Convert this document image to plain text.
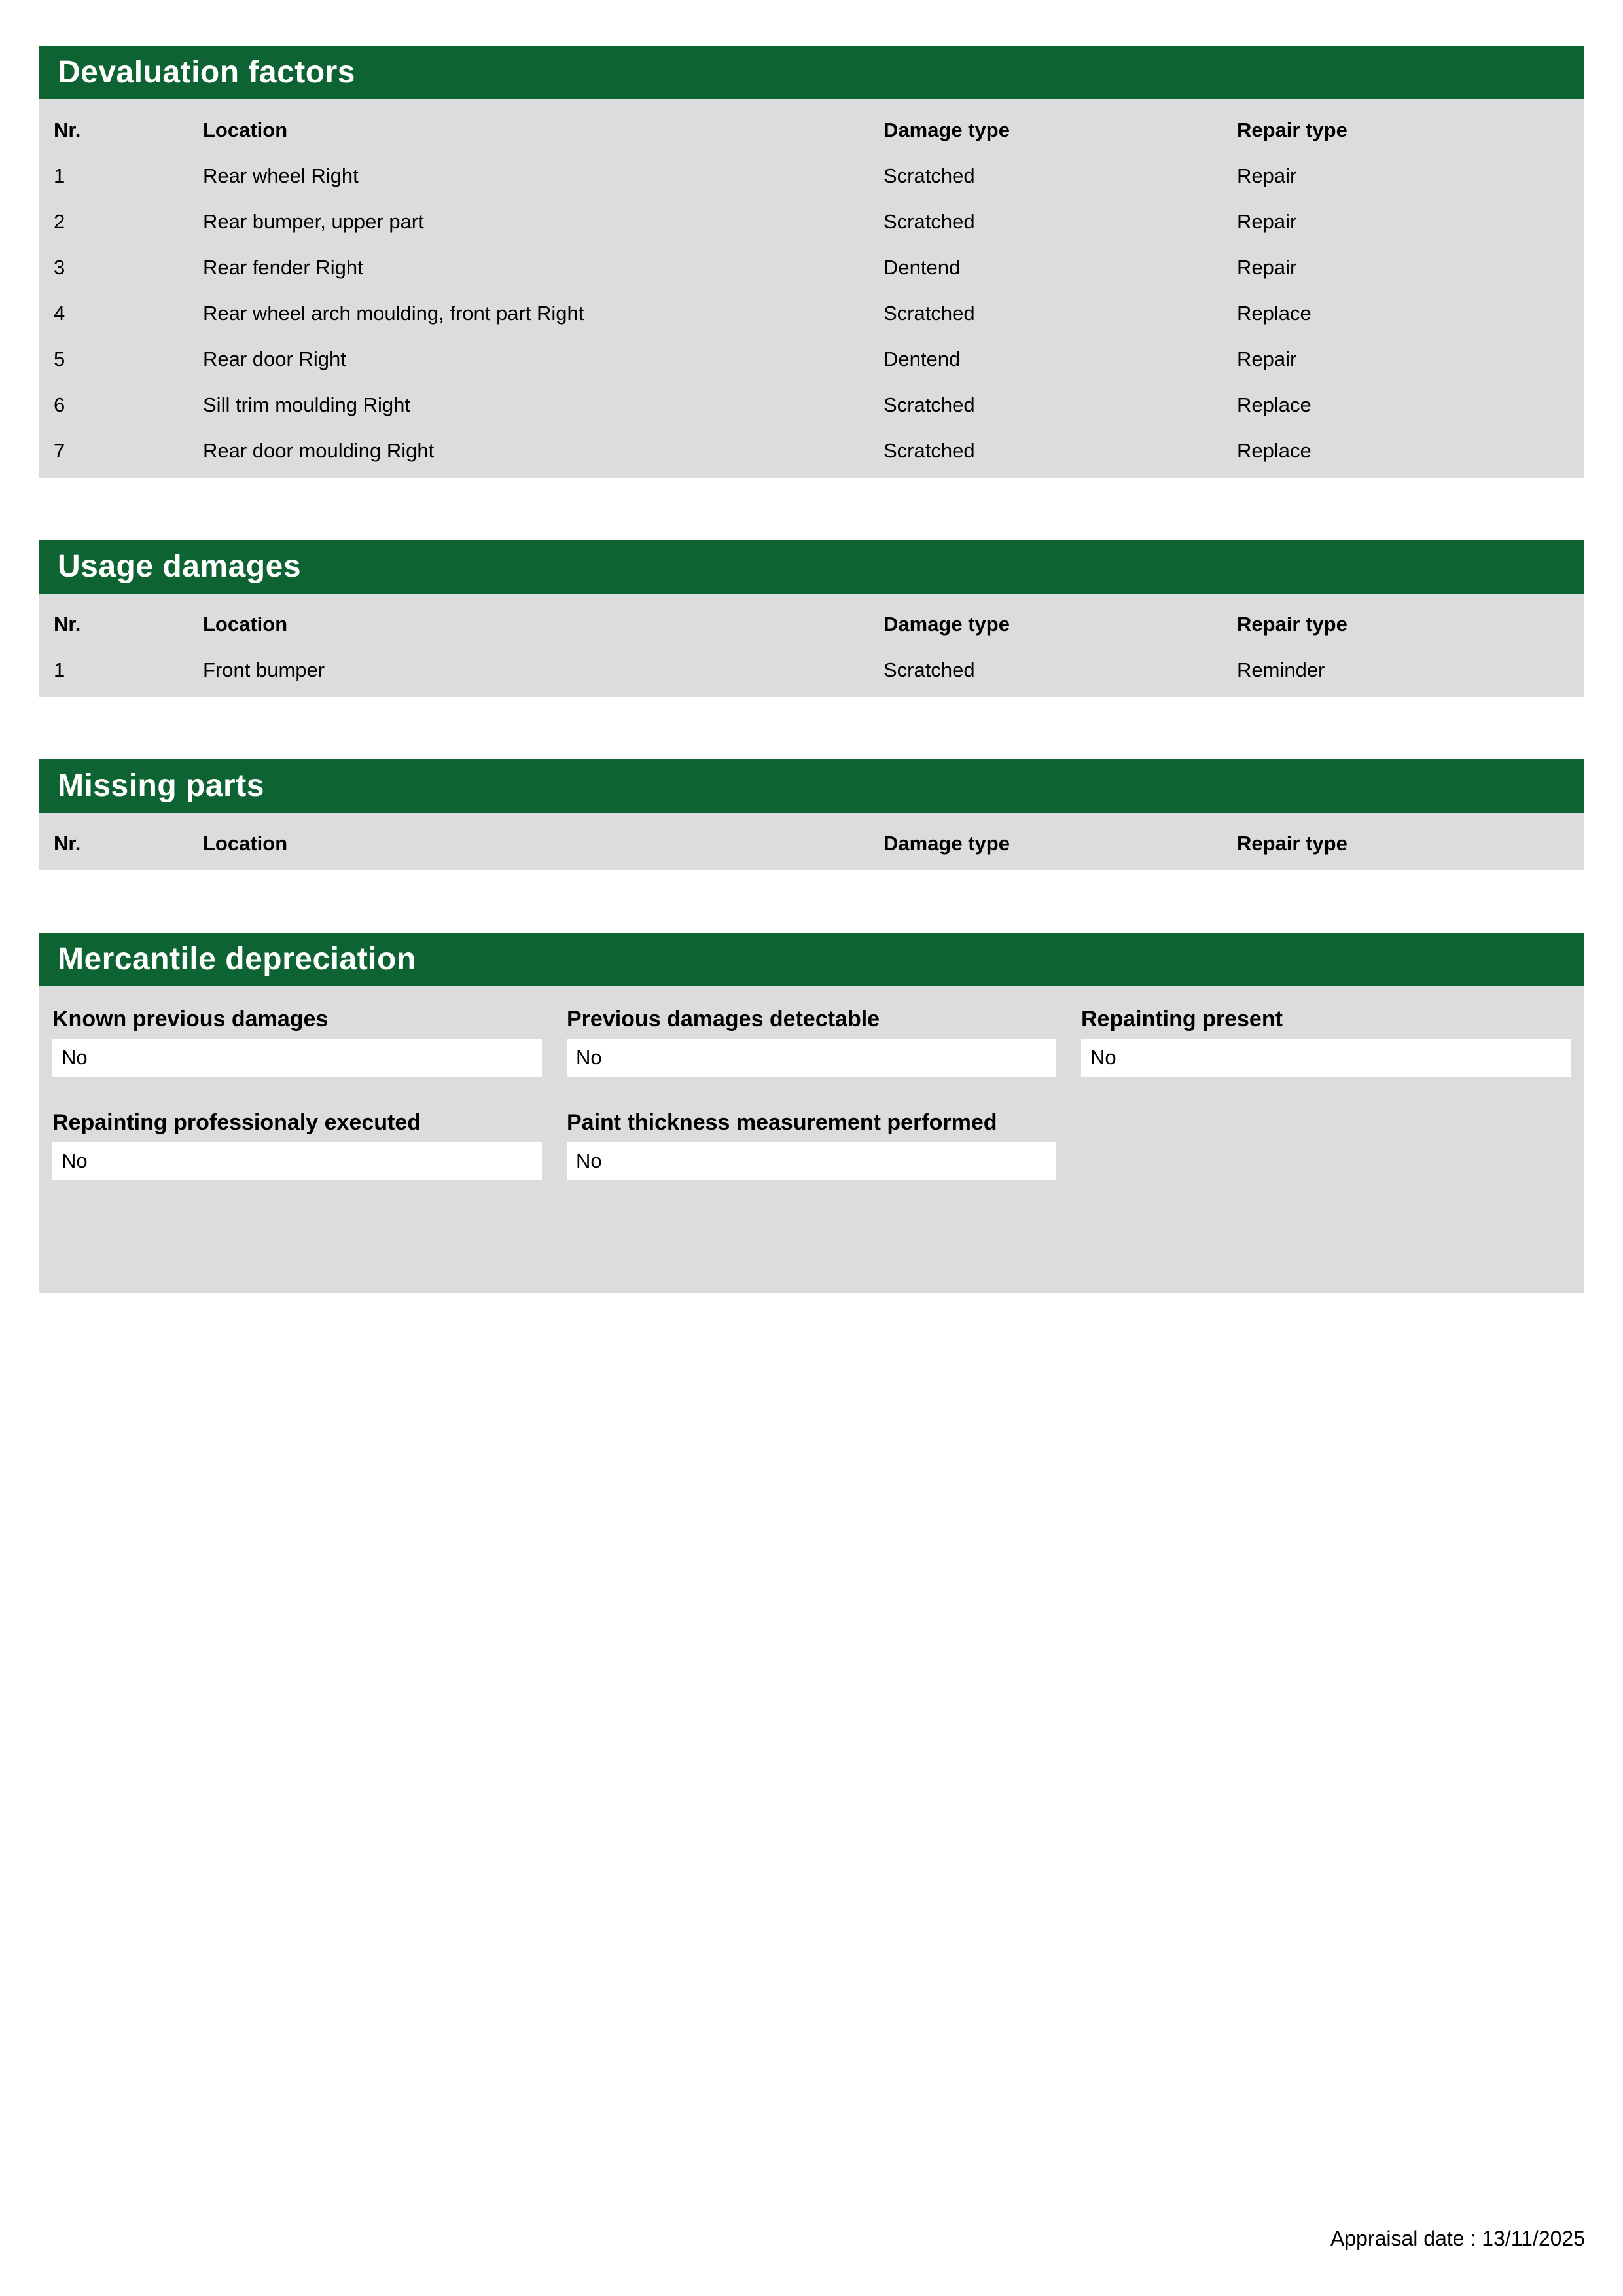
Devaluation factors
Nr.	Location	Damage type	Repair type
1	Rear wheel Right	Scratched	Repair
2	Rear bumper, upper part	Scratched	Repair
3	Rear fender Right	Dentend	Repair
4	Rear wheel arch moulding, front part Right	Scratched	Replace
5	Rear door Right	Dentend	Repair
6	Sill trim moulding Right	Scratched	Replace
7	Rear door moulding Right	Scratched	Replace
Usage damages
Nr.	Location	Damage type	Repair type
1	Front bumper	Scratched	Reminder
Missing parts
Nr.	Location	Damage type	Repair type
Mercantile depreciation
Known previous damages
No
Previous damages detectable
No
Repainting present
No
Repainting professionaly executed
No
Paint thickness measurement performed
No
Appraisal date : 13/11/2025
